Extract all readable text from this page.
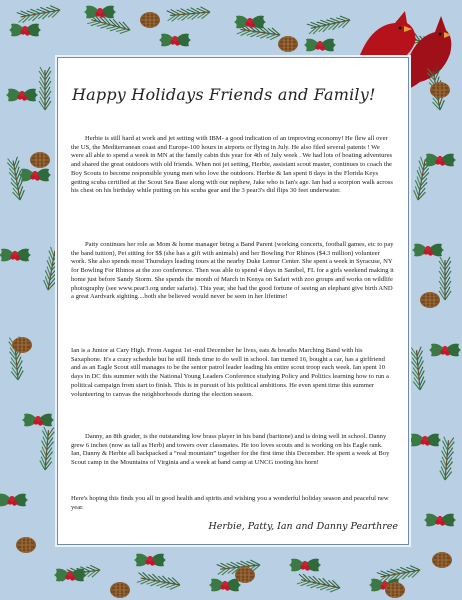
Happy Holidays Friends and Family!

Herbie is still hard at work and jet setting with IBM- a good indication of an improving economy! He flew all over the US, the Mediterranean coast and Europe-100 hours in airports or flying in July. He also filed several patents ! We were all able to spend a week in MN at the family cabin this year for 4th of July week . We had lots of boating adventures and shared the great outdoors with old friends. When not jet setting, Herbie, assistant scout master, continues to coach the Boy Scouts to become responsible young men who love the outdoors. Herbie & Ian spent 8 days in the Florida Keys getting scuba certified at the Scout Sea Base along with our nephew, Jake who is Ian's age. Ian had a scorpion walk across his chest on his birthday while putting on his scuba gear and the 3 pear3's did flips 30 feet underwater.

Patty continues her role as Mom & home manager being a Band Parent (working concerts, football games, etc to pay the band tuition), Pet sitting for $$ (she has a gift with animals) and her Bowling For Rhinos ($4.3 million) volunteer work. She also spends most Thursdays leading tours at the nearby Duke Lemur Center. She spent a week in Syracuse, NY for Bowling For Rhinos at the zoo conference. Then was able to spend 4 days in Sanibel, FL for a girls weekend making it home just before Sandy Storm. She spends the month of March in Kenya on Safari with zoo groups and works on wildlife photography (see www.pear3.org under safaris). This year, she had the good fortune of seeing an elephant give birth AND a great Aardvark sighting....both she believed would never be seen in her lifetime!

Ian is a Junior at Cary High. From August 1st -mid December he lives, eats & breaths Marching Band with his Saxaphone. It's a crazy schedule but he still finds time to do well in school. Ian turned 16, bought a car, has a girlfriend and as an Eagle Scout still manages to be the senior patrol leader leading his entire scout troop each week. Ian spent 10 days in DC this summer with the National Young Leaders Conference studying Policy and Politics learning how to run a political campaign from start to finish. This is in pursuit of his political ambitions. He even spent time this summer volunteering to canvas the neighborhoods during the election season.

Danny, an 8th grader, is the outstanding low brass player in his band (baritone) and is doing well in school. Danny grew 6 inches (now as tall as Herb) and towers over classmates. He too loves scouts and is working on his Eagle rank. Ian, Danny & Herbie all backpacked a “real mountain” together for the first time this December. He spent a week at Boy Scout camp in the Mountains of Virginia and a week at band camp at UNCG tooting his horn!

Here's hoping this finds you all in good health and spirits and wishing you a wonderful holiday season and peaceful new year.

Herbie, Patty, Ian and Danny Pearthree
